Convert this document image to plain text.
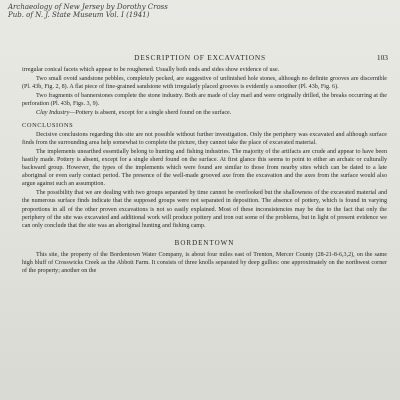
Archaeology of New Jersey by Dorothy Cross
Pub. of N. J. State Museum Vol. I (1941)
DESCRIPTION OF EXCAVATIONS	103

irregular conical facets which appear to be roughened. Usually both ends and sides show evidence of use.

Two small ovoid sandstone pebbles, completely pecked, are suggestive of unfinished hole stones, although no definite grooves are discernible (Pl. 43b, Fig. 2, 8). A flat piece of fine-grained sandstone with irregularly placed grooves is evidently a smoother (Pl. 43b, Fig. 6).

Two fragments of bannerstones complete the stone industry. Both are made of clay marl and were originally drilled, the breaks occurring at the perforation (Pl. 43b, Figs. 3, 9).

Clay Industry—Pottery is absent, except for a single sherd found on the surface.

CONCLUSIONS

Decisive conclusions regarding this site are not possible without further investigation. Only the periphery was excavated and although surface finds from the surrounding area help somewhat to complete the picture, they cannot take the place of excavated material.

The implements unearthed essentially belong to hunting and fishing industries. The majority of the artifacts are crude and appear to have been hastily made. Pottery is absent, except for a single sherd found on the surface. At first glance this seems to point to either an archaic or culturally backward group. However, the types of the implements which were found are similar to those from nearby sites which can be dated to a late aboriginal or even early contact period. The presence of the well-made grooved axe from the excavation and the axes from the surface would also argue against such an assumption.

The possibility that we are dealing with two groups separated by time cannot be overlooked but the shallowness of the excavated material and the numerous surface finds indicate that the supposed groups were not separated in deposition. The absence of pottery, which is found in varying proportions in all of the other proven excavations is not so easily explained. Most of these inconsistencies may be due to the fact that only the periphery of the site was excavated and additional work will produce pottery and iron out some of the problems, but in light of present evidence we can only conclude that the site was an aboriginal hunting and fishing camp.

BORDENTOWN

This site, the property of the Bordentown Water Company, is about four miles east of Trenton, Mercer County (28-21-8-6,3,2), on the same high bluff of Crosswicks Creek as the Abbott Farm. It consists of three knolls separated by deep gullies: one approximately on the northwest corner of the property; another on the
